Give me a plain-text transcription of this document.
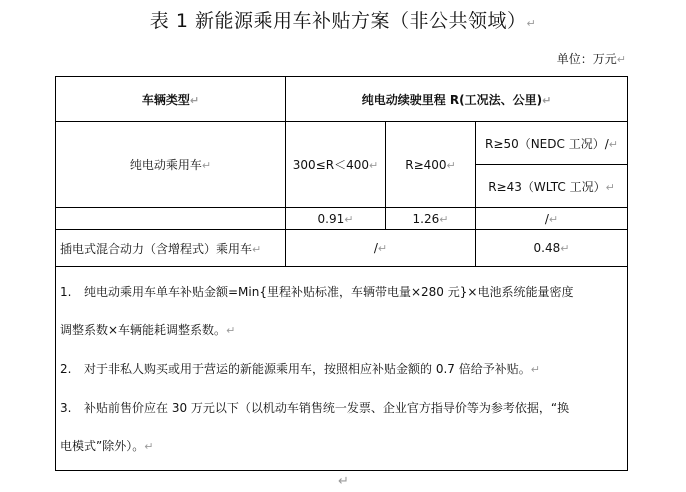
表 1 新能源乘用车补贴方案（非公共领域）↵
单位：万元↵
车辆类型↵	纯电动续驶里程 R(工况法、公里)↵		
纯电动乘用车↵	300≤R＜400↵	R≥400↵	R≥50（NEDC 工况）/↵
			R≥43（WLTC 工况）↵
	0.91↵	1.26↵	/↵
插电式混合动力（含增程式）乘用车↵	/↵		0.48↵

1. 纯电动乘用车单车补贴金额=Min{里程补贴标准，车辆带电量×280 元}×电池系统能量密度

调整系数×车辆能耗调整系数。↵

2. 对于非私人购买或用于营运的新能源乘用车，按照相应补贴金额的 0.7 倍给予补贴。↵

3. 补贴前售价应在 30 万元以下（以机动车销售统一发票、企业官方指导价等为参考依据，“换

电模式”除外）。↵			

↵
